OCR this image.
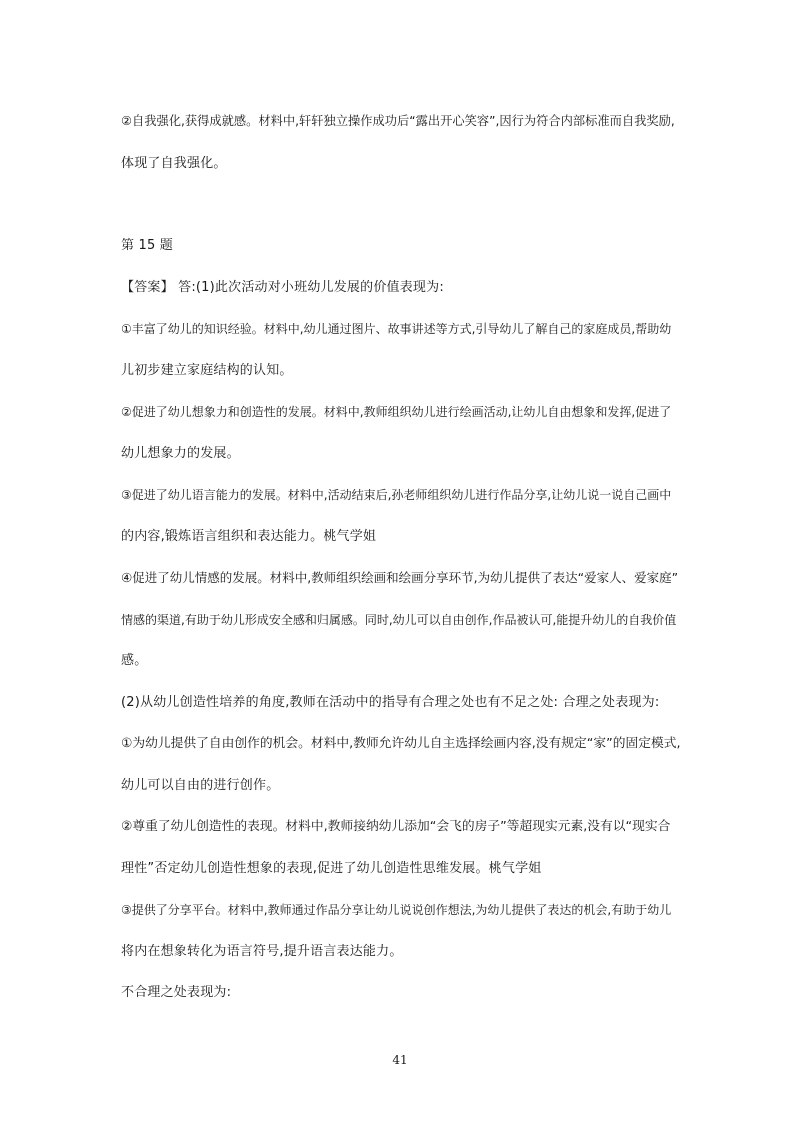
②自我强化,获得成就感。材料中,轩轩独立操作成功后“露出开心笑容”,因行为符合内部标准而自我奖励,
体现了自我强化。
第 15 题
【答案】 答:(1)此次活动对小班幼儿发展的价值表现为:
①丰富了幼儿的知识经验。材料中,幼儿通过图片、故事讲述等方式,引导幼儿了解自己的家庭成员,帮助幼
儿初步建立家庭结构的认知。
②促进了幼儿想象力和创造性的发展。材料中,教师组织幼儿进行绘画活动,让幼儿自由想象和发挥,促进了
幼儿想象力的发展。
③促进了幼儿语言能力的发展。材料中,活动结束后,孙老师组织幼儿进行作品分享,让幼儿说一说自己画中
的内容,锻炼语言组织和表达能力。桃气学姐
④促进了幼儿情感的发展。材料中,教师组织绘画和绘画分享环节,为幼儿提供了表达“爱家人、爱家庭”
情感的渠道,有助于幼儿形成安全感和归属感。同时,幼儿可以自由创作,作品被认可,能提升幼儿的自我价值
感。
(2)从幼儿创造性培养的角度,教师在活动中的指导有合理之处也有不足之处: 合理之处表现为:
①为幼儿提供了自由创作的机会。材料中,教师允许幼儿自主选择绘画内容,没有规定“家”的固定模式,
幼儿可以自由的进行创作。
②尊重了幼儿创造性的表现。材料中,教师接纳幼儿添加“会飞的房子”等超现实元素,没有以“现实合
理性”否定幼儿创造性想象的表现,促进了幼儿创造性思维发展。桃气学姐
③提供了分享平台。材料中,教师通过作品分享让幼儿说说创作想法,为幼儿提供了表达的机会,有助于幼儿
将内在想象转化为语言符号,提升语言表达能力。
不合理之处表现为:
41
